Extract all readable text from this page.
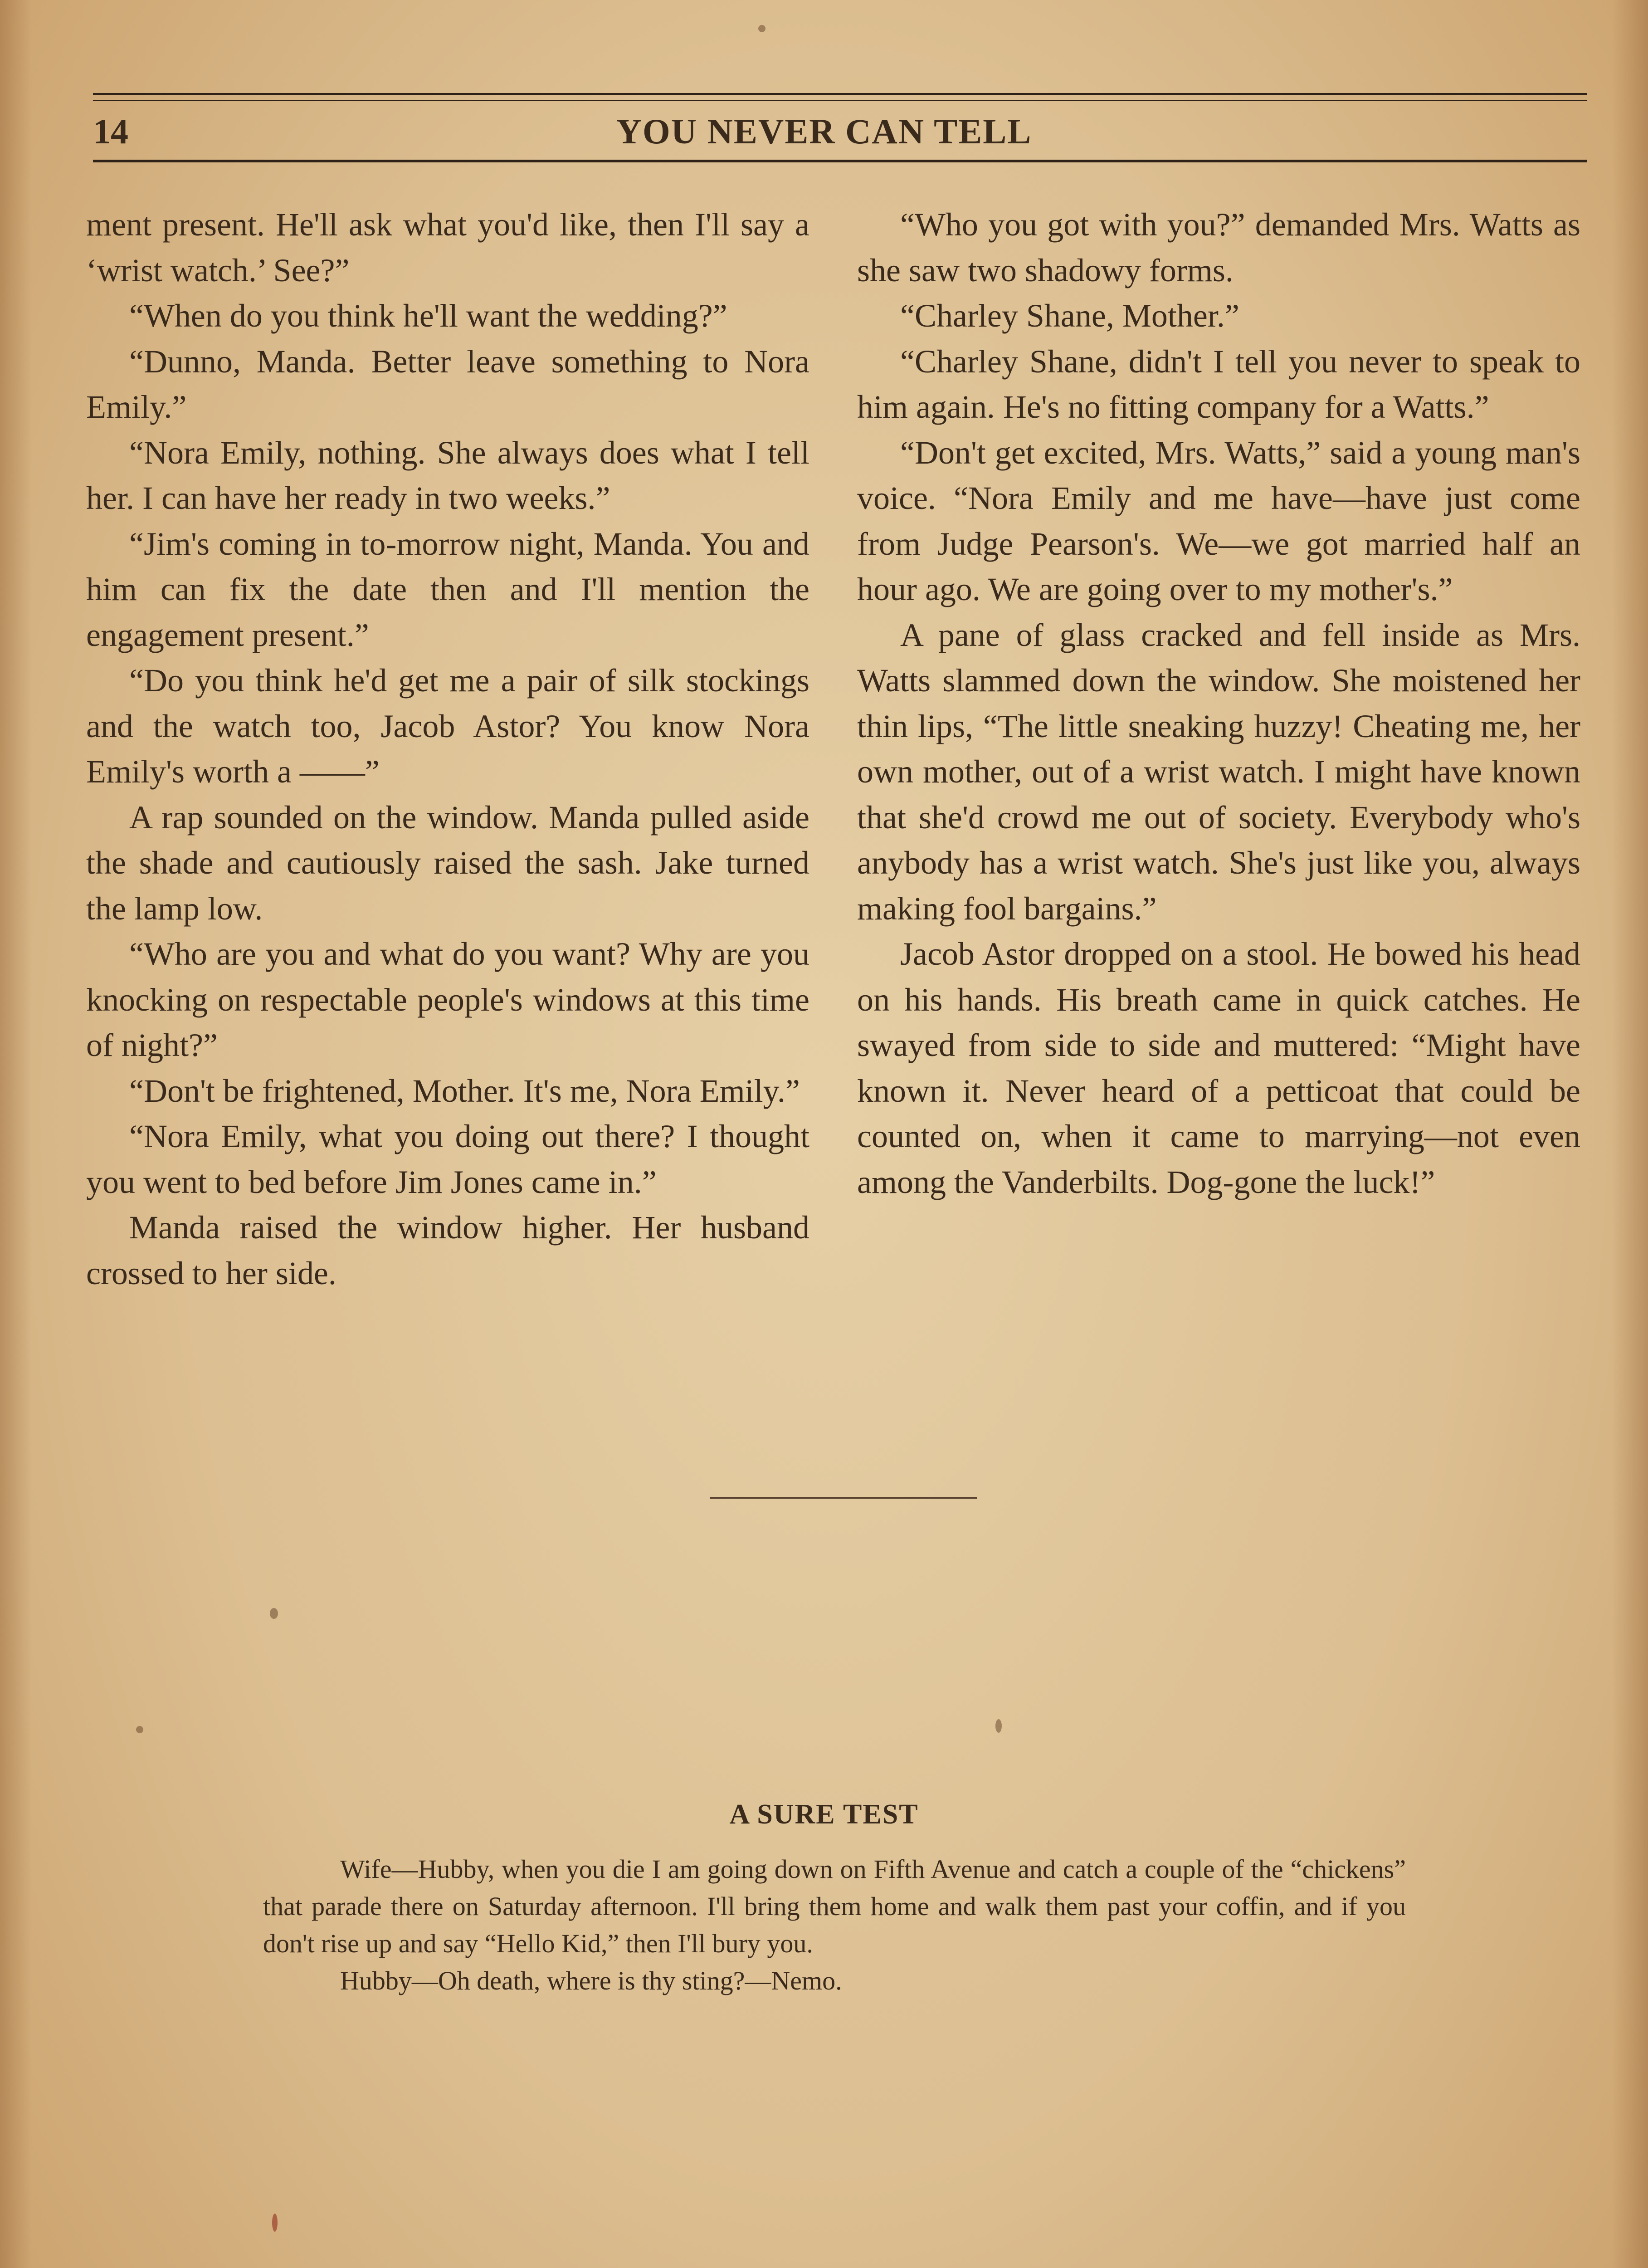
14	YOU NEVER CAN TELL

ment present. He'll ask what you'd like, then I'll say a ‘wrist watch.’ See?”

“When do you think he'll want the wedding?”

“Dunno, Manda. Better leave something to Nora Emily.”

“Nora Emily, nothing. She always does what I tell her. I can have her ready in two weeks.”

“Jim's coming in to-morrow night, Manda. You and him can fix the date then and I'll mention the engagement present.”

“Do you think he'd get me a pair of silk stockings and the watch too, Jacob Astor? You know Nora Emily's worth a ——”

A rap sounded on the window. Manda pulled aside the shade and cautiously raised the sash. Jake turned the lamp low.

“Who are you and what do you want? Why are you knocking on respectable people's windows at this time of night?”

“Don't be frightened, Mother. It's me, Nora Emily.”

“Nora Emily, what you doing out there? I thought you went to bed before Jim Jones came in.”

Manda raised the window higher. Her husband crossed to her side.

“Who you got with you?” demanded Mrs. Watts as she saw two shadowy forms.

“Charley Shane, Mother.”

“Charley Shane, didn't I tell you never to speak to him again. He's no fitting company for a Watts.”

“Don't get excited, Mrs. Watts,” said a young man's voice. “Nora Emily and me have—have just come from Judge Pearson's. We—we got married half an hour ago. We are going over to my mother's.”

A pane of glass cracked and fell inside as Mrs. Watts slammed down the window. She moistened her thin lips, “The little sneaking huzzy! Cheating me, her own mother, out of a wrist watch. I might have known that she'd crowd me out of society. Everybody who's anybody has a wrist watch. She's just like you, always making fool bargains.”

Jacob Astor dropped on a stool. He bowed his head on his hands. His breath came in quick catches. He swayed from side to side and muttered: “Might have known it. Never heard of a petticoat that could be counted on, when it came to marrying—not even among the Vanderbilts. Dog-gone the luck!”

A SURE TEST

Wife—Hubby, when you die I am going down on Fifth Avenue and catch a couple of the “chickens” that parade there on Saturday afternoon. I'll bring them home and walk them past your coffin, and if you don't rise up and say “Hello Kid,” then I'll bury you.

Hubby—Oh death, where is thy sting?—Nemo.
